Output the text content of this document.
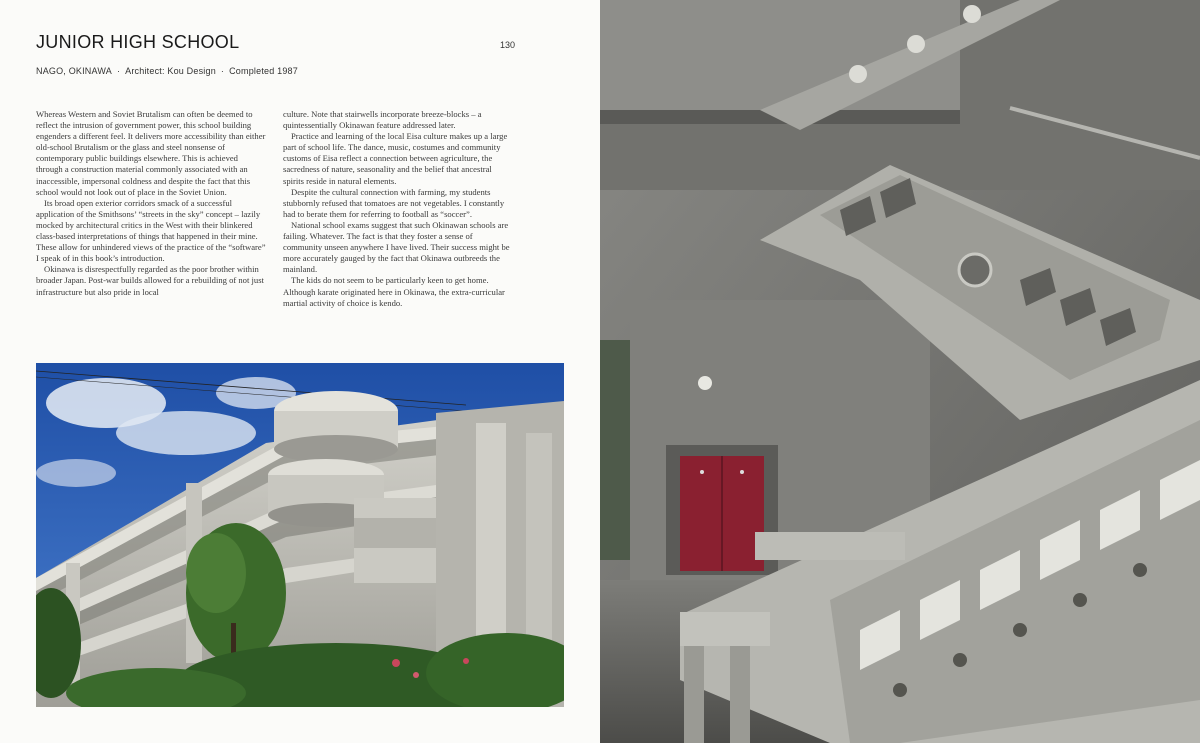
JUNIOR HIGH SCHOOL	130
NAGO, OKINAWA · Architect: Kou Design · Completed 1987

Whereas Western and Soviet Brutalism can often be deemed to reflect the intrusion of government power, this school building engenders a different feel. It delivers more accessibility than either old-school Brutalism or the glass and steel nonsense of contemporary public buildings elsewhere. This is achieved through a construction material commonly associated with an inaccessible, impersonal coldness and despite the fact that this school would not look out of place in the Soviet Union.

Its broad open exterior corridors smack of a successful application of the Smithsons’ “streets in the sky” concept – lazily mocked by architectural critics in the West with their blinkered class-based interpretations of things that happened in their mine. These allow for unhindered views of the practice of the “software” I speak of in this book’s introduction.

Okinawa is disrespectfully regarded as the poor brother within broader Japan. Post-war builds allowed for a rebuilding of not just infrastructure but also pride in local

culture. Note that stairwells incorporate breeze-blocks – a quintessentially Okinawan feature addressed later.

Practice and learning of the local Eisa culture makes up a large part of school life. The dance, music, costumes and community customs of Eisa reflect a connection between agriculture, the sacredness of nature, seasonality and the belief that ancestral spirits reside in natural elements.

Despite the cultural connection with farming, my students stubbornly refused that tomatoes are not vegetables. I constantly had to berate them for referring to football as “soccer”.

National school exams suggest that such Okinawan schools are failing. Whatever. The fact is that they foster a sense of community unseen anywhere I have lived. Their success might be more accurately gauged by the fact that Okinawa outbreeds the mainland.

The kids do not seem to be particularly keen to get home. Although karate originated here in Okinawa, the extra-curricular martial activity of choice is kendo.
